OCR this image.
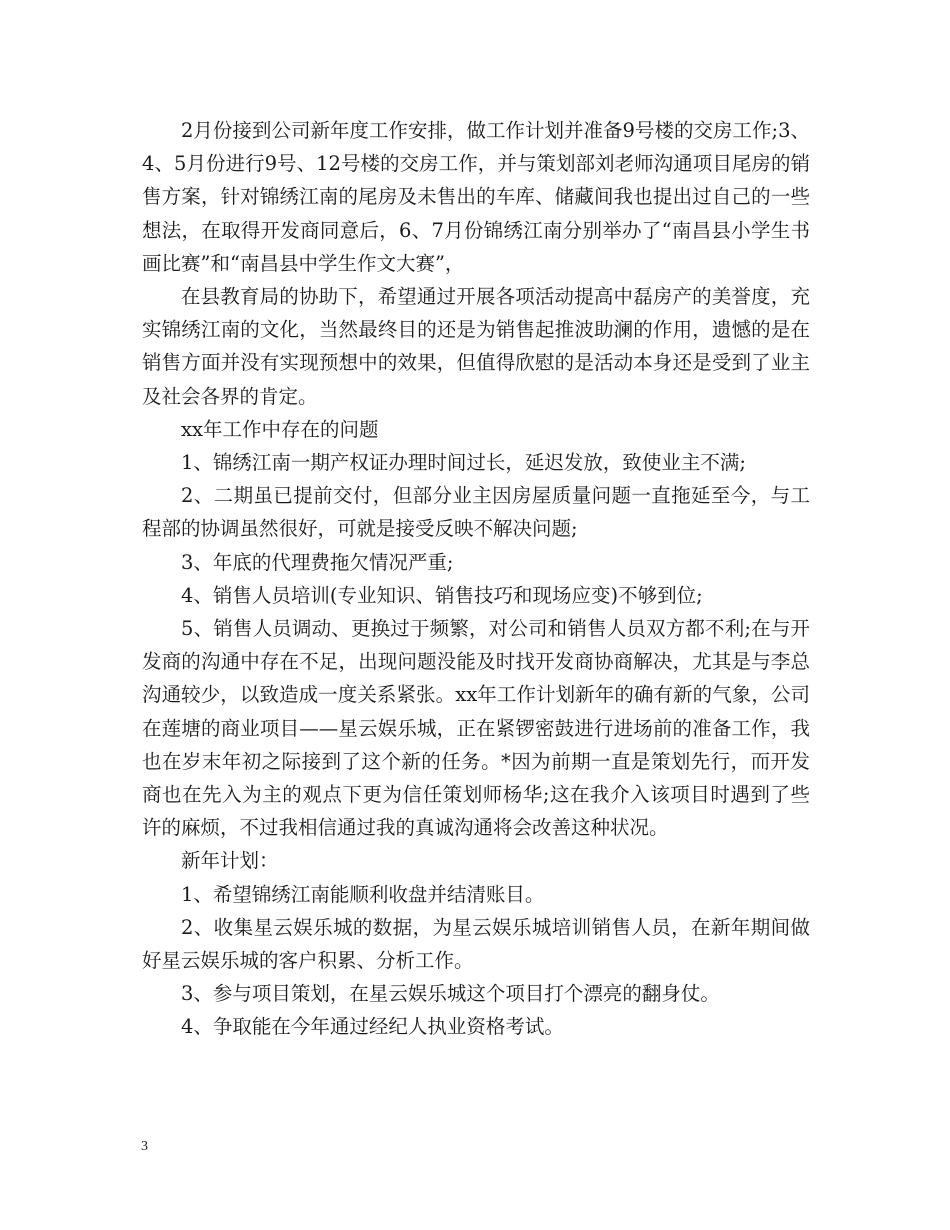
2月份接到公司新年度工作安排，做工作计划并准备9号楼的交房工作;3、4、5月份进行9号、12号楼的交房工作，并与策划部刘老师沟通项目尾房的销售方案，针对锦绣江南的尾房及未售出的车库、储藏间我也提出过自己的一些想法，在取得开发商同意后，6、7月份锦绣江南分别举办了“南昌县小学生书画比赛”和“南昌县中学生作文大赛”，

在县教育局的协助下，希望通过开展各项活动提高中磊房产的美誉度，充实锦绣江南的文化，当然最终目的还是为销售起推波助澜的作用，遗憾的是在销售方面并没有实现预想中的效果，但值得欣慰的是活动本身还是受到了业主及社会各界的肯定。

xx年工作中存在的问题

1、锦绣江南一期产权证办理时间过长，延迟发放，致使业主不满;

2、二期虽已提前交付，但部分业主因房屋质量问题一直拖延至今，与工程部的协调虽然很好，可就是接受反映不解决问题;

3、年底的代理费拖欠情况严重;

4、销售人员培训(专业知识、销售技巧和现场应变)不够到位;

5、销售人员调动、更换过于频繁，对公司和销售人员双方都不利;在与开发商的沟通中存在不足，出现问题没能及时找开发商协商解决，尤其是与李总沟通较少，以致造成一度关系紧张。xx年工作计划新年的确有新的气象，公司在莲塘的商业项目——星云娱乐城，正在紧锣密鼓进行进场前的准备工作，我也在岁末年初之际接到了这个新的任务。*因为前期一直是策划先行，而开发商也在先入为主的观点下更为信任策划师杨华;这在我介入该项目时遇到了些许的麻烦，不过我相信通过我的真诚沟通将会改善这种状况。

新年计划：

1、希望锦绣江南能顺利收盘并结清账目。

2、收集星云娱乐城的数据，为星云娱乐城培训销售人员，在新年期间做好星云娱乐城的客户积累、分析工作。

3、参与项目策划，在星云娱乐城这个项目打个漂亮的翻身仗。

4、争取能在今年通过经纪人执业资格考试。

3
